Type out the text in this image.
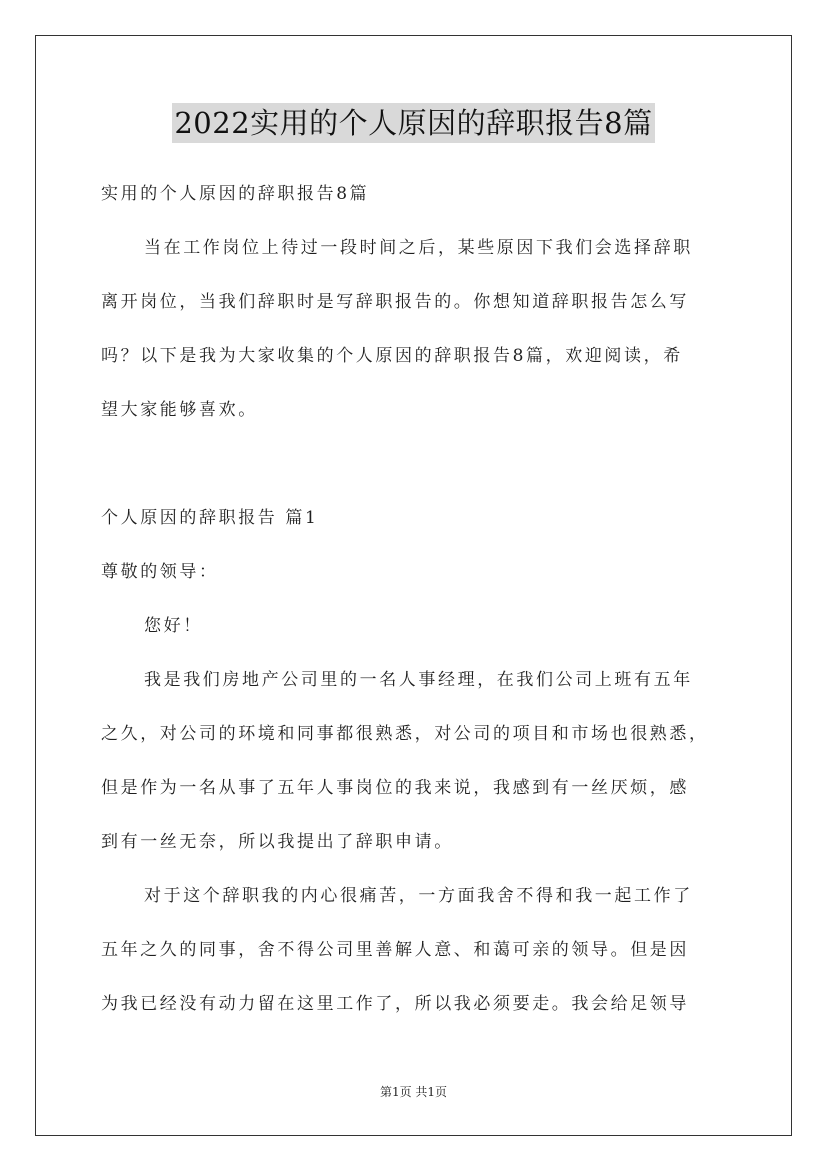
2022实用的个人原因的辞职报告8篇
实用的个人原因的辞职报告8篇
当在工作岗位上待过一段时间之后，某些原因下我们会选择辞职
离开岗位，当我们辞职时是写辞职报告的。你想知道辞职报告怎么写
吗？以下是我为大家收集的个人原因的辞职报告8篇，欢迎阅读，希
望大家能够喜欢。
个人原因的辞职报告 篇1
尊敬的领导：
您好！
我是我们房地产公司里的一名人事经理，在我们公司上班有五年
之久，对公司的环境和同事都很熟悉，对公司的项目和市场也很熟悉，
但是作为一名从事了五年人事岗位的我来说，我感到有一丝厌烦，感
到有一丝无奈，所以我提出了辞职申请。
对于这个辞职我的内心很痛苦，一方面我舍不得和我一起工作了
五年之久的同事，舍不得公司里善解人意、和蔼可亲的领导。但是因
为我已经没有动力留在这里工作了，所以我必须要走。我会给足领导
第1页 共1页
